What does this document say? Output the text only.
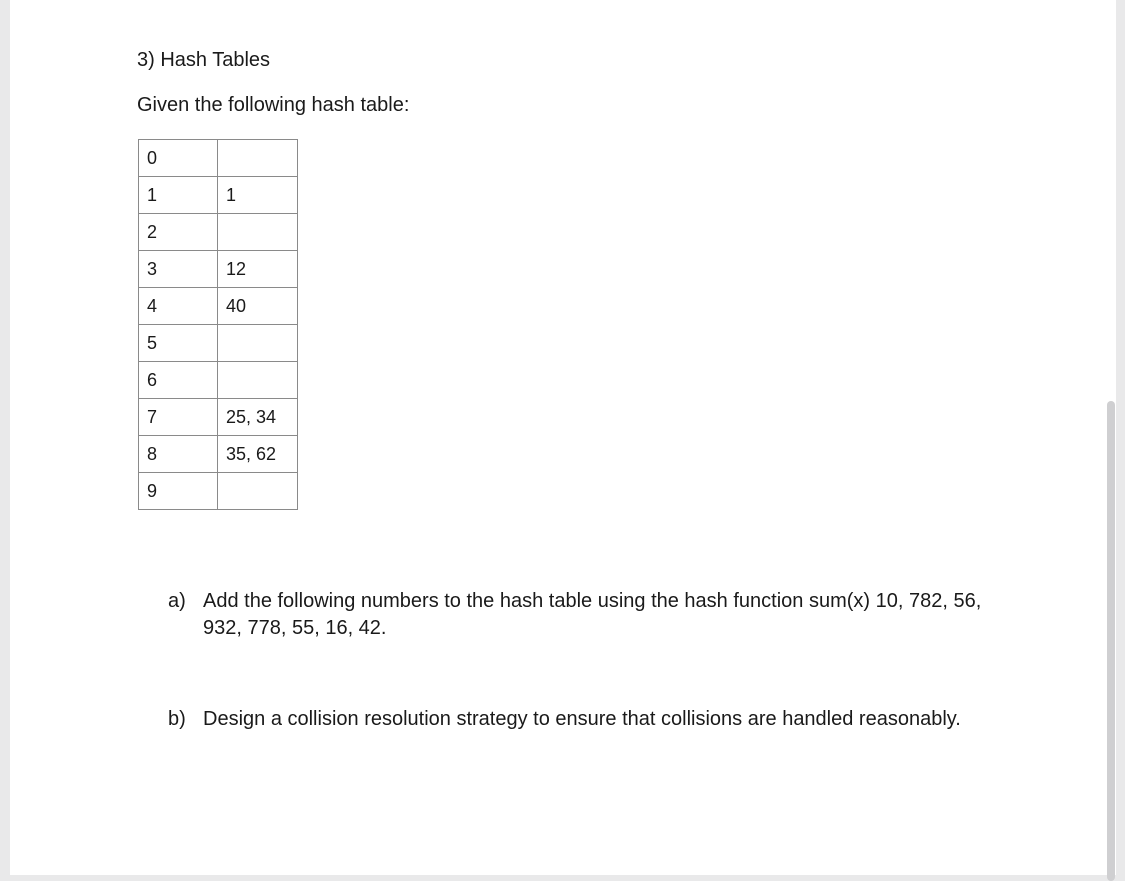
3) Hash Tables
Given the following hash table:
0	
1	1
2	
3	12
4	40
5	
6	
7	25, 34
8	35, 62
9	
a) Add the following numbers to the hash table using the hash function sum(x) 10, 782, 56, 932, 778, 55, 16, 42.
b) Design a collision resolution strategy to ensure that collisions are handled reasonably.
